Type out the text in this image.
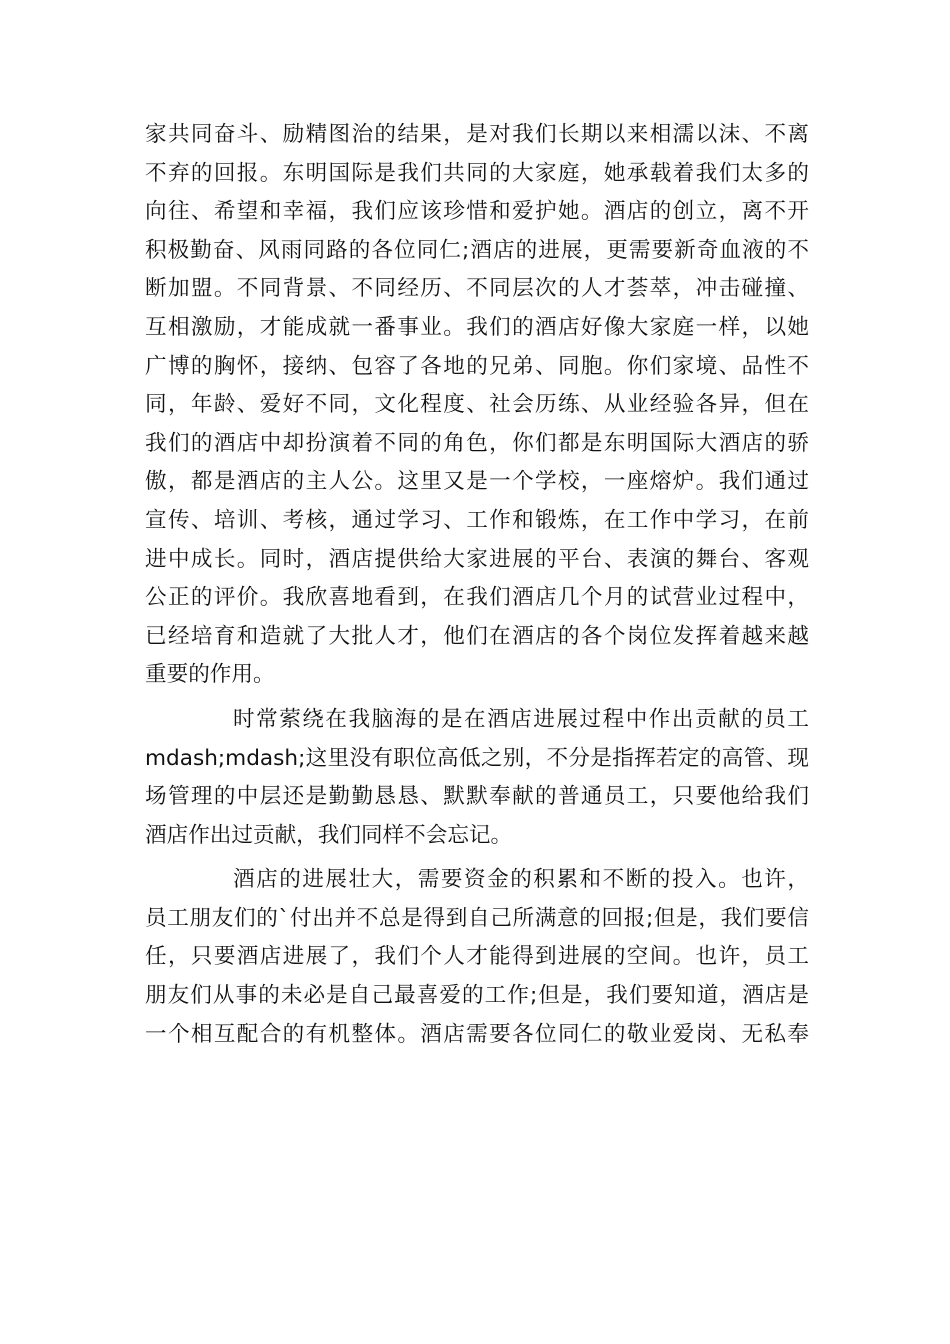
家共同奋斗、励精图治的结果，是对我们长期以来相濡以沫、不离
不弃的回报。东明国际是我们共同的大家庭，她承载着我们太多的
向往、希望和幸福，我们应该珍惜和爱护她。酒店的创立，离不开
积极勤奋、风雨同路的各位同仁;酒店的进展，更需要新奇血液的不
断加盟。不同背景、不同经历、不同层次的人才荟萃，冲击碰撞、
互相激励，才能成就一番事业。我们的酒店好像大家庭一样，以她
广博的胸怀，接纳、包容了各地的兄弟、同胞。你们家境、品性不
同，年龄、爱好不同，文化程度、社会历练、从业经验各异，但在
我们的酒店中却扮演着不同的角色，你们都是东明国际大酒店的骄
傲，都是酒店的主人公。这里又是一个学校，一座熔炉。我们通过
宣传、培训、考核，通过学习、工作和锻炼，在工作中学习，在前
进中成长。同时，酒店提供给大家进展的平台、表演的舞台、客观
公正的评价。我欣喜地看到，在我们酒店几个月的试营业过程中，
已经培育和造就了大批人才，他们在酒店的各个岗位发挥着越来越
重要的作用。
时常萦绕在我脑海的是在酒店进展过程中作出贡献的员工
mdash;mdash;这里没有职位高低之别，不分是指挥若定的高管、现
场管理的中层还是勤勤恳恳、默默奉献的普通员工，只要他给我们
酒店作出过贡献，我们同样不会忘记。
酒店的进展壮大，需要资金的积累和不断的投入。也许，
员工朋友们的`付出并不总是得到自己所满意的回报;但是，我们要信
任，只要酒店进展了，我们个人才能得到进展的空间。也许，员工
朋友们从事的未必是自己最喜爱的工作;但是，我们要知道，酒店是
一个相互配合的有机整体。酒店需要各位同仁的敬业爱岗、无私奉
